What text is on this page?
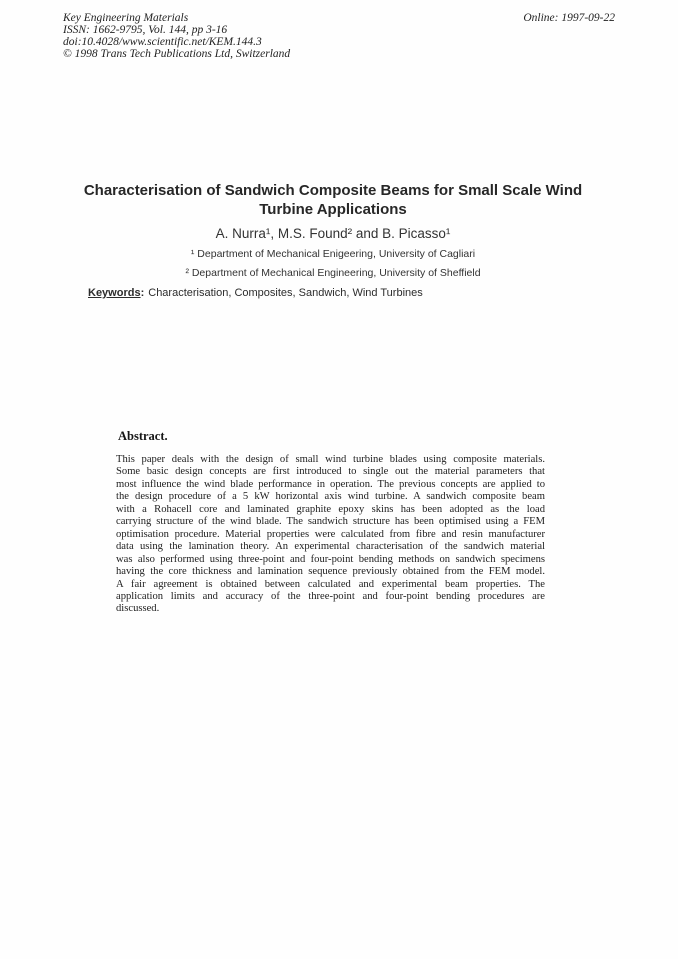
Key Engineering Materials
ISSN: 1662-9795, Vol. 144, pp 3-16
doi:10.4028/www.scientific.net/KEM.144.3
© 1998 Trans Tech Publications Ltd, Switzerland
Online: 1997-09-22
Characterisation of Sandwich Composite Beams for Small Scale Wind
Turbine Applications
A. Nurra¹, M.S. Found² and B. Picasso¹
¹ Department of Mechanical Enigeering, University of Cagliari
² Department of Mechanical Engineering, University of Sheffield
Keywords: Characterisation, Composites, Sandwich, Wind Turbines
Abstract.
This paper deals with the design of small wind turbine blades using composite materials.
Some basic design concepts are first introduced to single out the material parameters that
most influence the wind blade performance in operation. The previous concepts are applied to
the design procedure of a 5 kW horizontal axis wind turbine. A sandwich composite beam
with a Rohacell core and laminated graphite epoxy skins has been adopted as the load
carrying structure of the wind blade. The sandwich structure has been optimised using a FEM
optimisation procedure. Material properties were calculated from fibre and resin manufacturer
data using the lamination theory. An experimental characterisation of the sandwich material
was also performed using three-point and four-point bending methods on sandwich specimens
having the core thickness and lamination sequence previously obtained from the FEM model.
A fair agreement is obtained between calculated and experimental beam properties. The
application limits and accuracy of the three-point and four-point bending procedures are
discussed.
